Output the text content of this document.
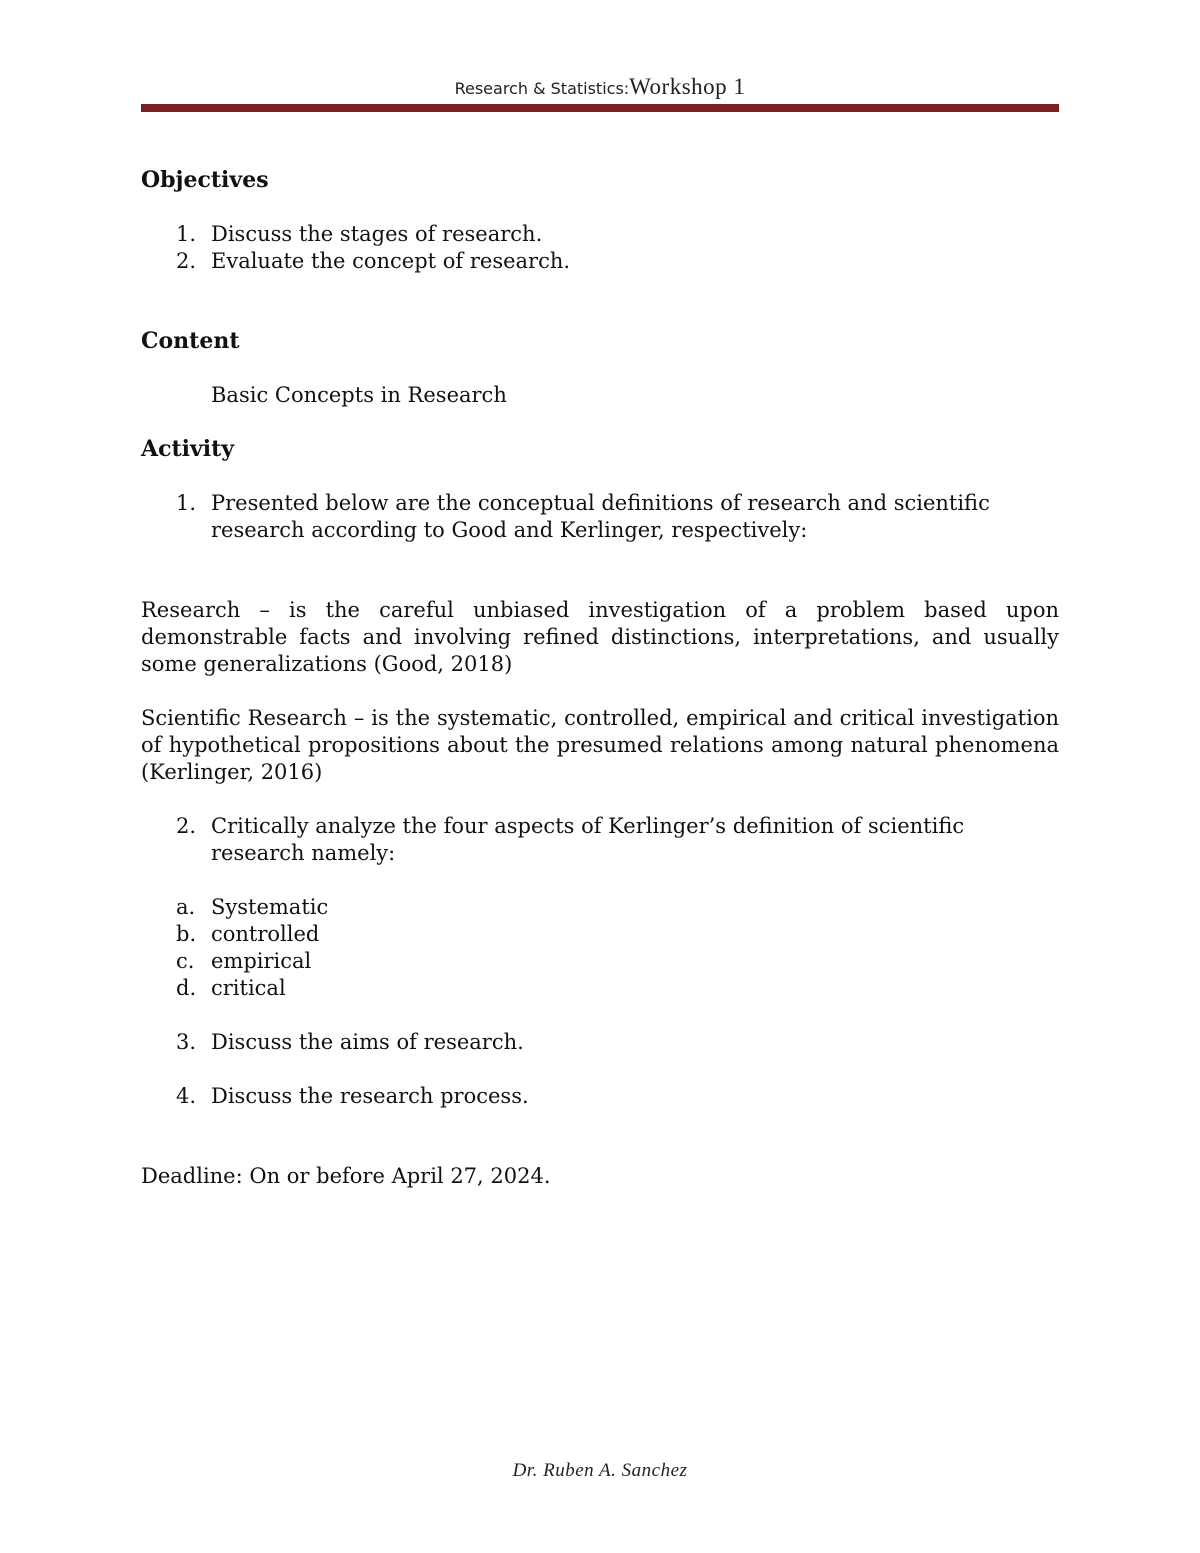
Research & Statistics:Workshop 1
Objectives
1. Discuss the stages of research.
2. Evaluate the concept of research.
Content
Basic Concepts in Research
Activity
1. Presented below are the conceptual definitions of research and scientific research according to Good and Kerlinger, respectively:
Research – is the careful unbiased investigation of a problem based upon demonstrable facts and involving refined distinctions, interpretations, and usually some generalizations (Good, 2018)
Scientific Research – is the systematic, controlled, empirical and critical investigation of hypothetical propositions about the presumed relations among natural phenomena (Kerlinger, 2016)
2. Critically analyze the four aspects of Kerlinger’s definition of scientific research namely:
a. Systematic
b. controlled
c. empirical
d. critical
3. Discuss the aims of research.
4. Discuss the research process.
Deadline: On or before April 27, 2024.
Dr. Ruben A. Sanchez
